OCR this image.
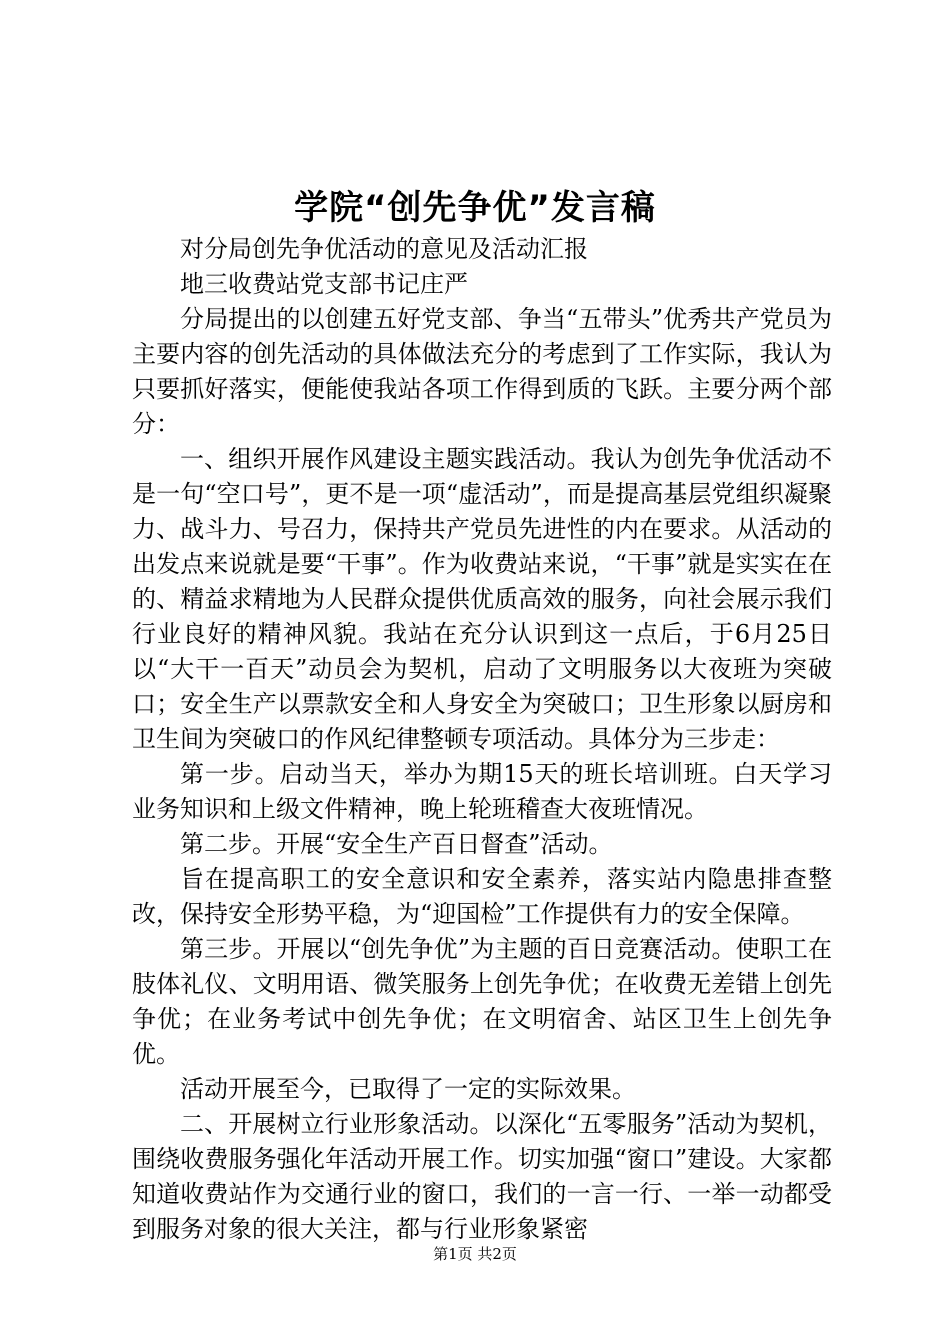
学院“创先争优”发言稿

对分局创先争优活动的意见及活动汇报

地三收费站党支部书记庄严

分局提出的以创建五好党支部、争当“五带头”优秀共产党员为主要内容的创先活动的具体做法充分的考虑到了工作实际，我认为只要抓好落实，便能使我站各项工作得到质的飞跃。主要分两个部分：

一、组织开展作风建设主题实践活动。我认为创先争优活动不是一句“空口号”，更不是一项“虚活动”，而是提高基层党组织凝聚力、战斗力、号召力，保持共产党员先进性的内在要求。从活动的出发点来说就是要“干事”。作为收费站来说，“干事”就是实实在在的、精益求精地为人民群众提供优质高效的服务，向社会展示我们行业良好的精神风貌。我站在充分认识到这一点后，于6月25日以“大干一百天”动员会为契机，启动了文明服务以大夜班为突破口；安全生产以票款安全和人身安全为突破口；卫生形象以厨房和卫生间为突破口的作风纪律整顿专项活动。具体分为三步走：

第一步。启动当天，举办为期15天的班长培训班。白天学习业务知识和上级文件精神，晚上轮班稽查大夜班情况。

第二步。开展“安全生产百日督查”活动。

旨在提高职工的安全意识和安全素养，落实站内隐患排查整改，保持安全形势平稳，为“迎国检”工作提供有力的安全保障。

第三步。开展以“创先争优”为主题的百日竞赛活动。使职工在肢体礼仪、文明用语、微笑服务上创先争优；在收费无差错上创先争优；在业务考试中创先争优；在文明宿舍、站区卫生上创先争优。

活动开展至今，已取得了一定的实际效果。

二、开展树立行业形象活动。以深化“五零服务”活动为契机，围绕收费服务强化年活动开展工作。切实加强“窗口”建设。大家都知道收费站作为交通行业的窗口，我们的一言一行、一举一动都受到服务对象的很大关注，都与行业形象紧密

第1页 共2页
